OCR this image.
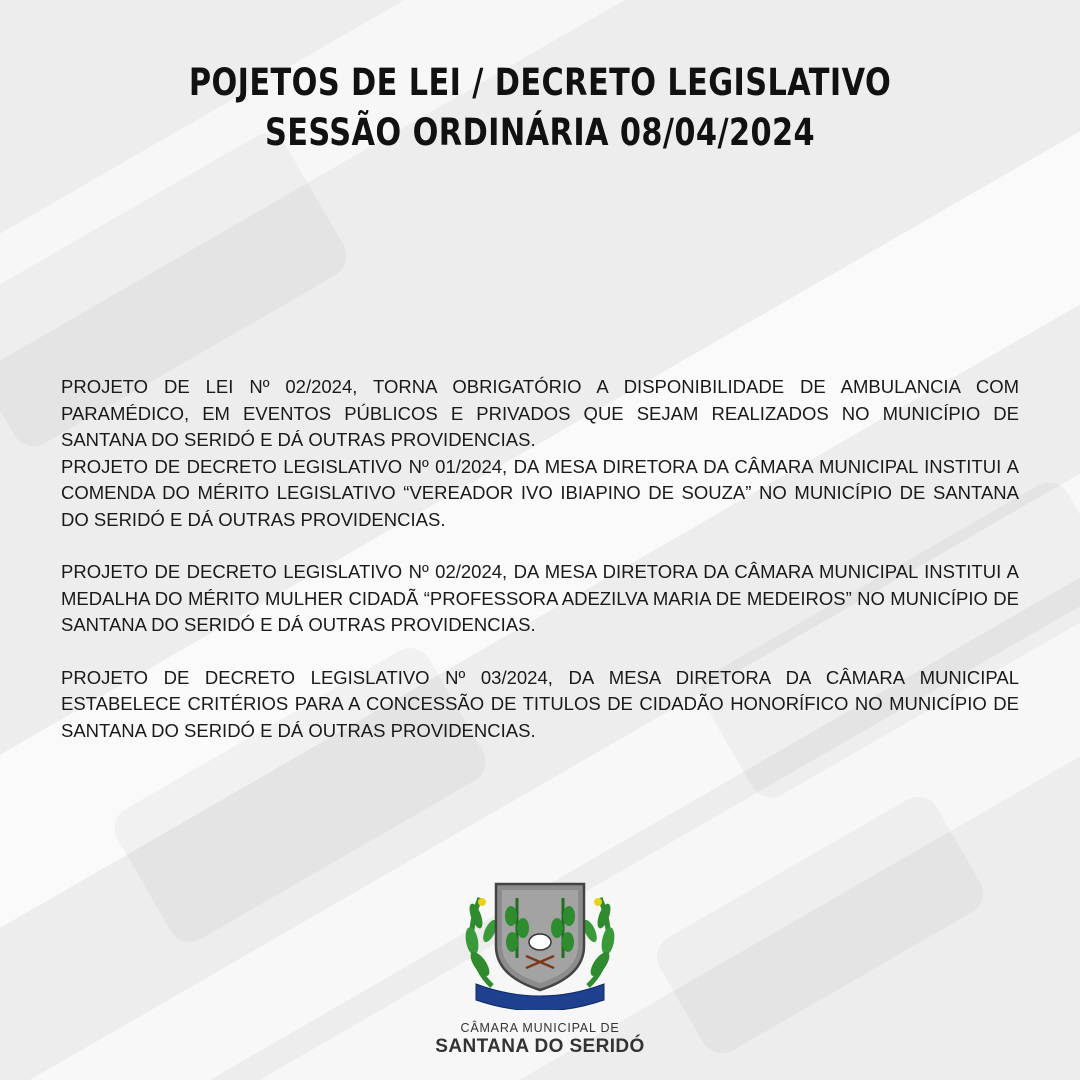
POJETOS DE LEI / DECRETO LEGISLATIVO
SESSÃO ORDINÁRIA 08/04/2024

PROJETO DE LEI Nº 02/2024, TORNA OBRIGATÓRIO A DISPONIBILIDADE DE AMBULANCIA COM PARAMÉDICO, EM EVENTOS PÚBLICOS E PRIVADOS QUE SEJAM REALIZADOS NO MUNICÍPIO DE SANTANA DO SERIDÓ E DÁ OUTRAS PROVIDENCIAS.

PROJETO DE DECRETO LEGISLATIVO Nº 01/2024, DA MESA DIRETORA DA CÂMARA MUNICIPAL INSTITUI A COMENDA DO MÉRITO LEGISLATIVO “VEREADOR IVO IBIAPINO DE SOUZA” NO MUNICÍPIO DE SANTANA DO SERIDÓ E DÁ OUTRAS PROVIDENCIAS.

PROJETO DE DECRETO LEGISLATIVO Nº 02/2024, DA MESA DIRETORA DA CÂMARA MUNICIPAL INSTITUI A MEDALHA DO MÉRITO MULHER CIDADÃ “PROFESSORA ADEZILVA MARIA DE MEDEIROS” NO MUNICÍPIO DE SANTANA DO SERIDÓ E DÁ OUTRAS PROVIDENCIAS.

PROJETO DE DECRETO LEGISLATIVO Nº 03/2024, DA MESA DIRETORA DA CÂMARA MUNICIPAL ESTABELECE CRITÉRIOS PARA A CONCESSÃO DE TITULOS DE CIDADÃO HONORÍFICO NO MUNICÍPIO DE SANTANA DO SERIDÓ E DÁ OUTRAS PROVIDENCIAS.

CÂMARA MUNICIPAL DE
SANTANA DO SERIDÓ
